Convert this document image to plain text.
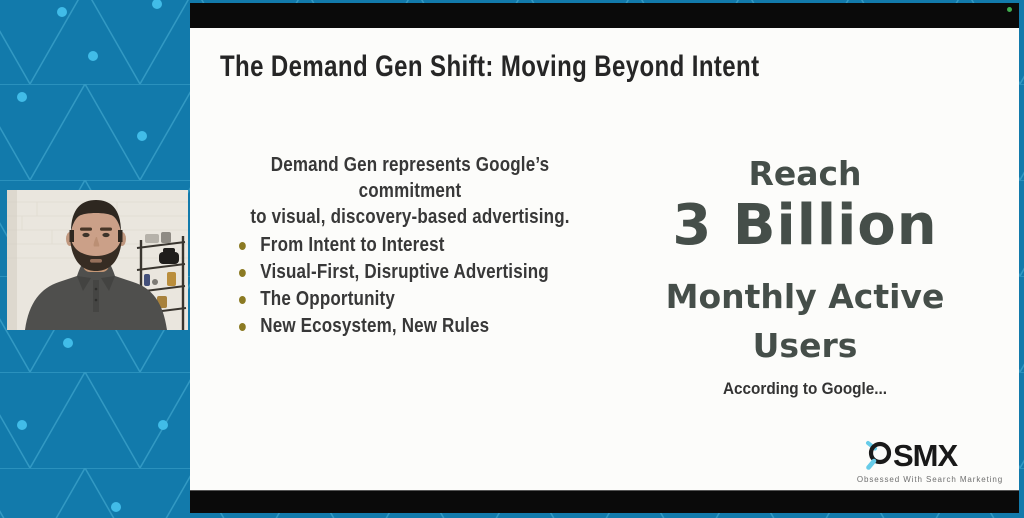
The Demand Gen Shift: Moving Beyond Intent
Demand Gen represents Google’s commitment
to visual, discovery-based advertising.
From Intent to Interest
Visual-First, Disruptive Advertising
The Opportunity
New Ecosystem, New Rules
Reach
3 Billion
Monthly Active
Users
According to Google...
SMX
Obsessed With Search Marketing
